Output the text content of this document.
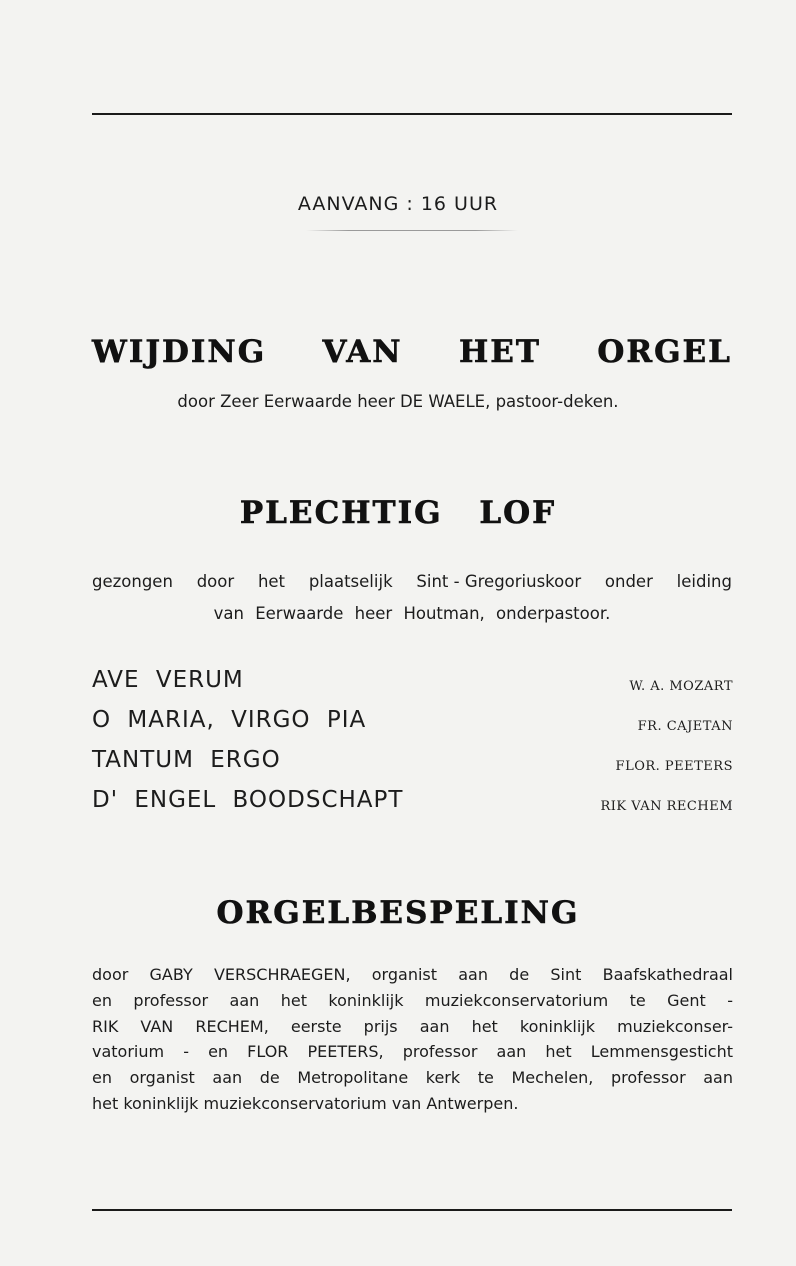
AANVANG : 16 UUR
WIJDING VAN HET ORGEL
door Zeer Eerwaarde heer DE WAELE, pastoor-deken.
PLECHTIG LOF
gezongen door het plaatselijk Sint - Gregoriuskoor onder leiding
van Eerwaarde heer Houtman, onderpastoor.
AVE VERUM	W. A. MOZART
O MARIA, VIRGO PIA	FR. CAJETAN
TANTUM ERGO	FLOR. PEETERS
D' ENGEL BOODSCHAPT	RIK VAN RECHEM
ORGELBESPELING
door GABY VERSCHRAEGEN, organist aan de Sint Baafskathedraal
en professor aan het koninklijk muziekconservatorium te Gent -
RIK VAN RECHEM, eerste prijs aan het koninklijk muziekconser-
vatorium - en FLOR PEETERS, professor aan het Lemmensgesticht
en organist aan de Metropolitane kerk te Mechelen, professor aan
het koninklijk muziekconservatorium van Antwerpen.
